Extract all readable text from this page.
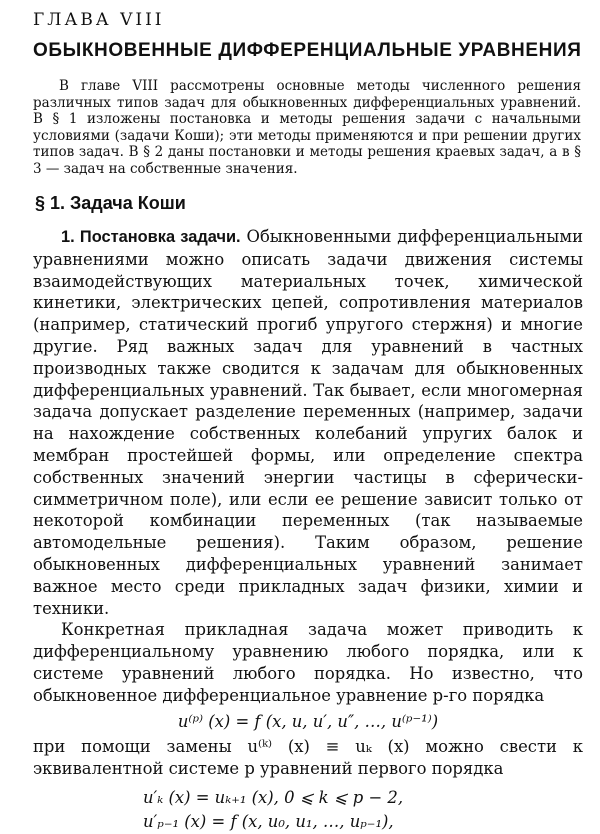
ГЛАВА VIII
ОБЫКНОВЕННЫЕ ДИФФЕРЕНЦИАЛЬНЫЕ УРАВНЕНИЯ

В главе VIII рассмотрены основные методы численного решения различных типов задач для обыкновенных дифференциальных уравнений. В § 1 изложены постановка и методы решения задачи с начальными условиями (задачи Коши); эти методы применяются и при решении других типов задач. В § 2 даны постановки и методы решения краевых задач, а в § 3 — задач на собственные значения.

§ 1. Задача Коши

1. Постановка задачи. Обыкновенными дифференциальными уравнениями можно описать задачи движения системы взаимодействующих материальных точек, химической кинетики, электрических цепей, сопротивления материалов (например, статический прогиб упругого стержня) и многие другие. Ряд важных задач для уравнений в частных производных также сводится к задачам для обыкновенных дифференциальных уравнений. Так бывает, если многомерная задача допускает разделение переменных (например, задачи на нахождение собственных колебаний упругих балок и мембран простейшей формы, или определение спектра собственных значений энергии частицы в сферически-симметричном поле), или если ее решение зависит только от некоторой комбинации переменных (так называемые автомодельные решения). Таким образом, решение обыкновенных дифференциальных уравнений занимает важное место среди прикладных задач физики, химии и техники.

Конкретная прикладная задача может приводить к дифференциальному уравнению любого порядка, или к системе уравнений любого порядка. Но известно, что обыкновенное дифференциальное уравнение p-го порядка

u⁽ᵖ⁾ (x) = f (x, u, u′, u″, …, u⁽ᵖ⁻¹⁾)

при помощи замены u⁽ᵏ⁾ (x) ≡ uₖ (x) можно свести к эквивалентной системе p уравнений первого порядка

u′ₖ (x) = uₖ₊₁ (x), 0 ⩽ k ⩽ p − 2,
u′ₚ₋₁ (x) = f (x, u₀, u₁, …, uₚ₋₁),
